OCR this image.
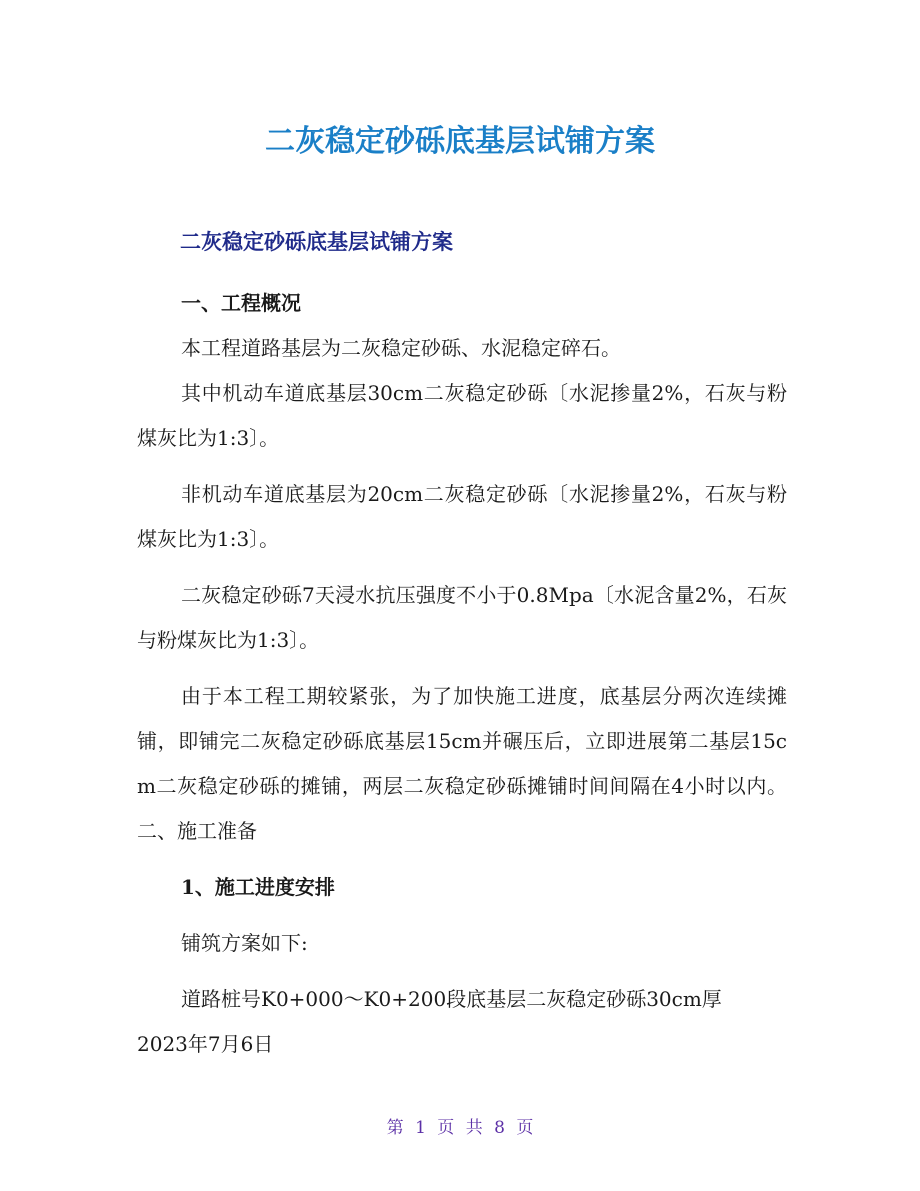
二灰稳定砂砾底基层试铺方案
二灰稳定砂砾底基层试铺方案

一、工程概况

本工程道路基层为二灰稳定砂砾、水泥稳定碎石。

其中机动车道底基层30cm二灰稳定砂砾〔水泥掺量2%，石灰与粉煤灰比为1:3〕。

非机动车道底基层为20cm二灰稳定砂砾〔水泥掺量2%，石灰与粉煤灰比为1:3〕。

二灰稳定砂砾7天浸水抗压强度不小于0.8Mpa〔水泥含量2%，石灰与粉煤灰比为1:3〕。

由于本工程工期较紧张，为了加快施工进度，底基层分两次连续摊铺，即铺完二灰稳定砂砾底基层15cm并碾压后，立即进展第二基层15cm二灰稳定砂砾的摊铺，两层二灰稳定砂砾摊铺时间间隔在4小时以内。 二、施工准备

1、施工进度安排

铺筑方案如下:

道路桩号K0+000～K0+200段底基层二灰稳定砂砾30cm厚

2023年7月6日

第 1 页 共 8 页
